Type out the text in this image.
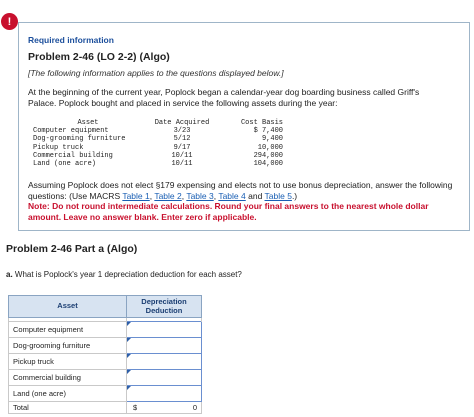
!
Required information
Problem 2-46 (LO 2-2) (Algo)
[The following information applies to the questions displayed below.]
At the beginning of the current year, Poplock began a calendar-year dog boarding business called Griff's Palace. Poplock bought and placed in service the following assets during the year:
Asset	Date Acquired	Cost Basis
Computer equipment	3/23	$ 7,400
Dog-grooming furniture	5/12	9,400
Pickup truck	9/17	10,000
Commercial building	10/11	294,000
Land (one acre)	10/11	104,000
Assuming Poplock does not elect §179 expensing and elects not to use bonus depreciation, answer the following questions: (Use MACRS Table 1, Table 2, Table 3, Table 4 and Table 5.)
Note: Do not round intermediate calculations. Round your final answers to the nearest whole dollar amount. Leave no answer blank. Enter zero if applicable.
Problem 2-46 Part a (Algo)
a. What is Poplock's year 1 depreciation deduction for each asset?
Asset	Depreciation Deduction

Computer equipment	

Dog-grooming furniture	

Pickup truck	

Commercial building	

Land (one acre)	

Total	$ 0
